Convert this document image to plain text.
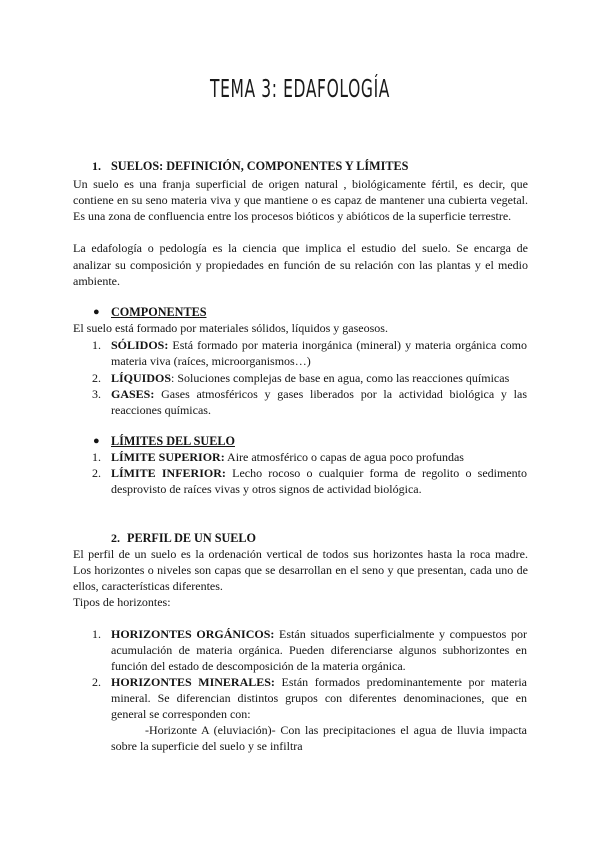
TEMA 3: EDAFOLOGÍA
1. SUELOS: DEFINICIÓN, COMPONENTES Y LÍMITES
Un suelo es una franja superficial de origen natural , biológicamente fértil, es decir, que
contiene en su seno materia viva y que mantiene o es capaz de mantener una cubierta vegetal.
Es una zona de confluencia entre los procesos bióticos y abióticos de la superficie terrestre.
La edafología o pedología es la ciencia que implica el estudio del suelo. Se encarga de
analizar su composición y propiedades en función de su relación con las plantas y el medio
ambiente.
● COMPONENTES
El suelo está formado por materiales sólidos, líquidos y gaseosos.
1. SÓLIDOS: Está formado por materia inorgánica (mineral) y materia orgánica como
materia viva (raíces, microorganismos…)
2. LÍQUIDOS: Soluciones complejas de base en agua, como las reacciones químicas
3. GASES: Gases atmosféricos y gases liberados por la actividad biológica y las
reacciones químicas.
● LÍMITES DEL SUELO
1. LÍMITE SUPERIOR: Aire atmosférico o capas de agua poco profundas
2. LÍMITE INFERIOR: Lecho rocoso o cualquier forma de regolito o sedimento
desprovisto de raíces vivas y otros signos de actividad biológica.
2. PERFIL DE UN SUELO
El perfil de un suelo es la ordenación vertical de todos sus horizontes hasta la roca madre.
Los horizontes o niveles son capas que se desarrollan en el seno y que presentan, cada uno de
ellos, características diferentes.
Tipos de horizontes:
1. HORIZONTES ORGÁNICOS: Están situados superficialmente y compuestos por
acumulación de materia orgánica. Pueden diferenciarse algunos subhorizontes en
función del estado de descomposición de la materia orgánica.
2. HORIZONTES MINERALES: Están formados predominantemente por materia
mineral. Se diferencian distintos grupos con diferentes denominaciones, que en
general se corresponden con:
-Horizonte A (eluviación)- Con las precipitaciones el agua de lluvia impacta
sobre la superficie del suelo y se infiltra
